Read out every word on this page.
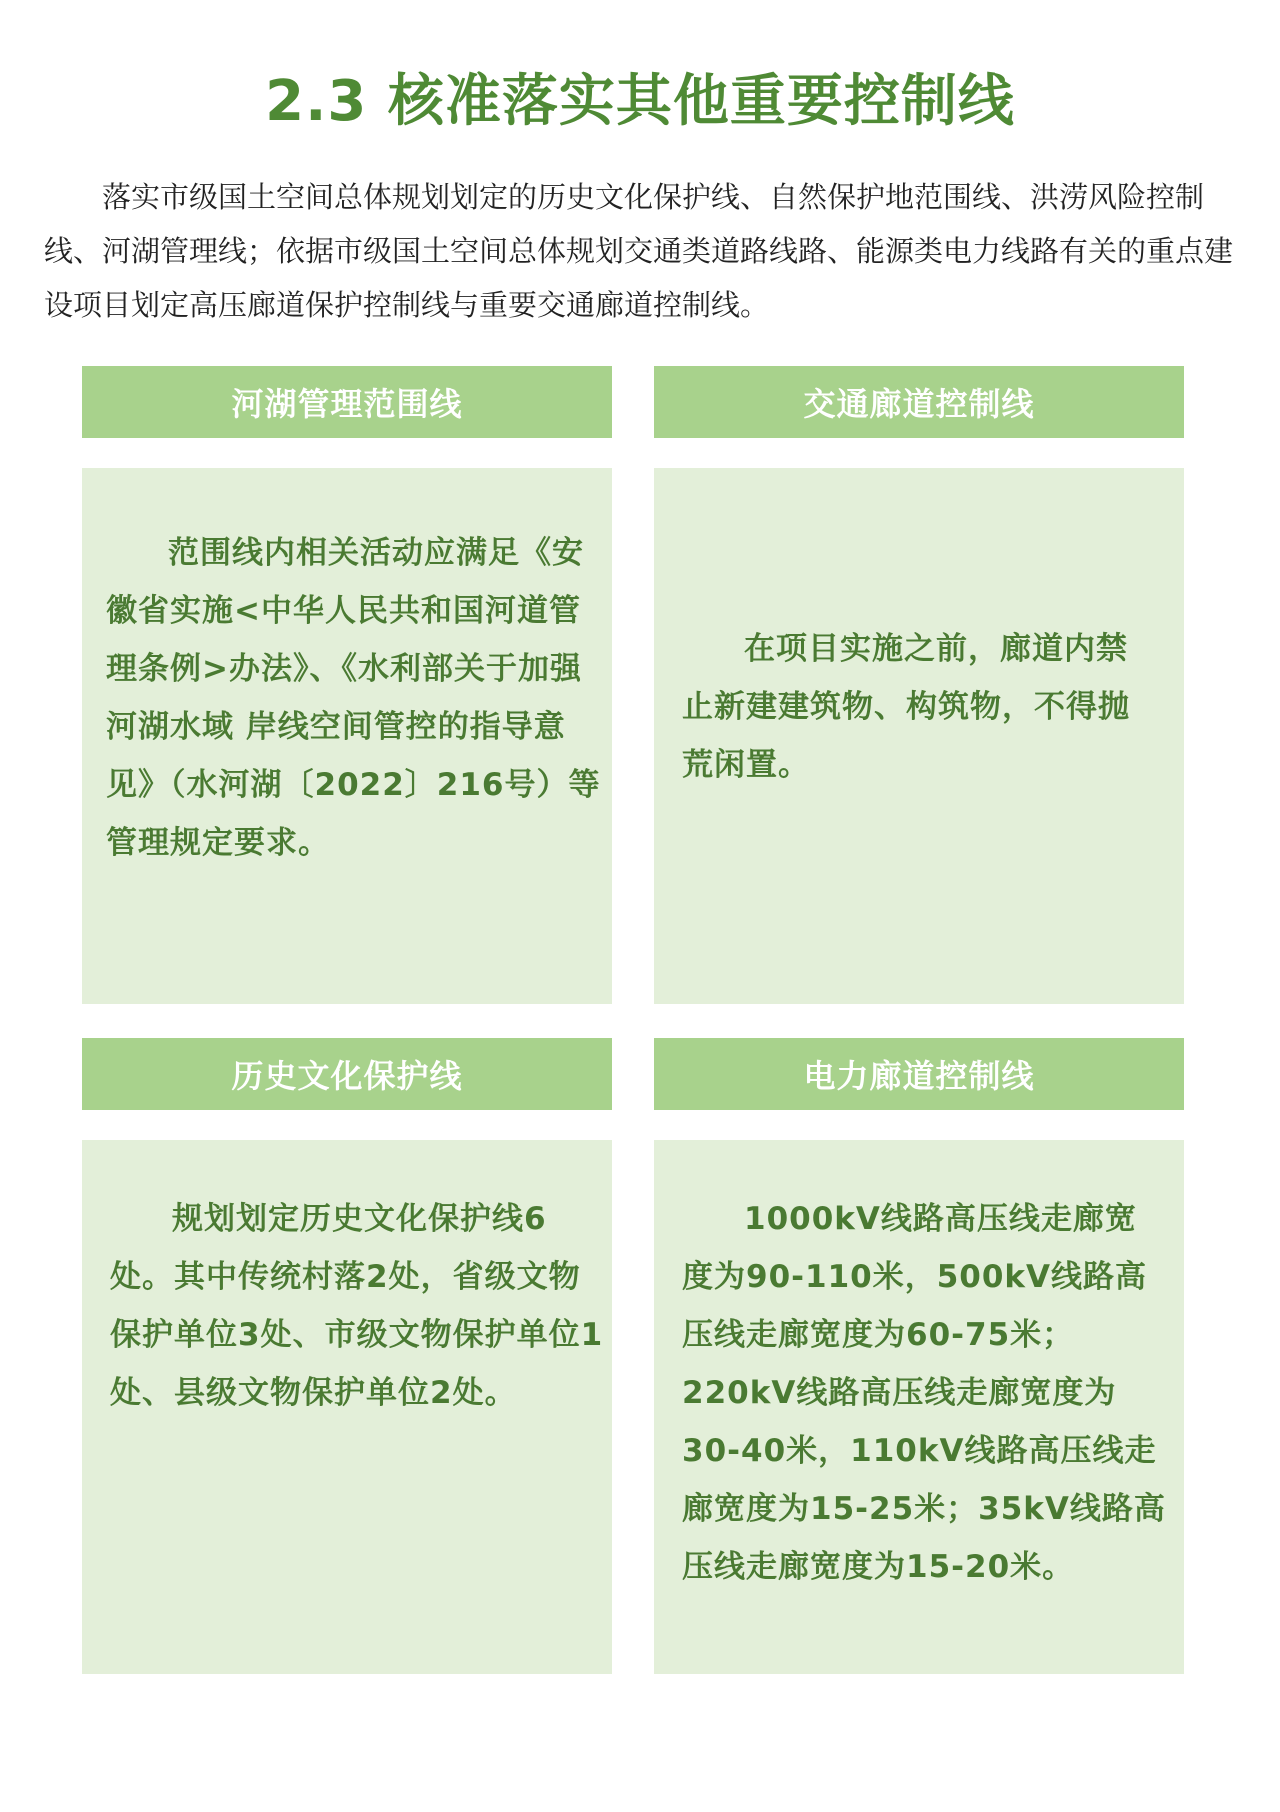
2.3 核准落实其他重要控制线

落实市级国土空间总体规划划定的历史文化保护线、自然保护地范围线、洪涝风险控制线、河湖管理线；依据市级国土空间总体规划交通类道路线路、能源类电力线路有关的重点建设项目划定高压廊道保护控制线与重要交通廊道控制线。

河湖管理范围线

范围线内相关活动应满足《安徽省实施<中华人民共和国河道管理条例>办法》、《水利部关于加强河湖水域 岸线空间管控的指导意见》（水河湖〔2022〕216号）等管理规定要求。

交通廊道控制线

在项目实施之前，廊道内禁止新建建筑物、构筑物，不得抛荒闲置。

历史文化保护线

规划划定历史文化保护线6处。其中传统村落2处，省级文物保护单位3处、市级文物保护单位1处、县级文物保护单位2处。

电力廊道控制线

1000kV线路高压线走廊宽度为90-110米，500kV线路高压线走廊宽度为60-75米；220kV线路高压线走廊宽度为30-40米，110kV线路高压线走廊宽度为15-25米；35kV线路高压线走廊宽度为15-20米。
